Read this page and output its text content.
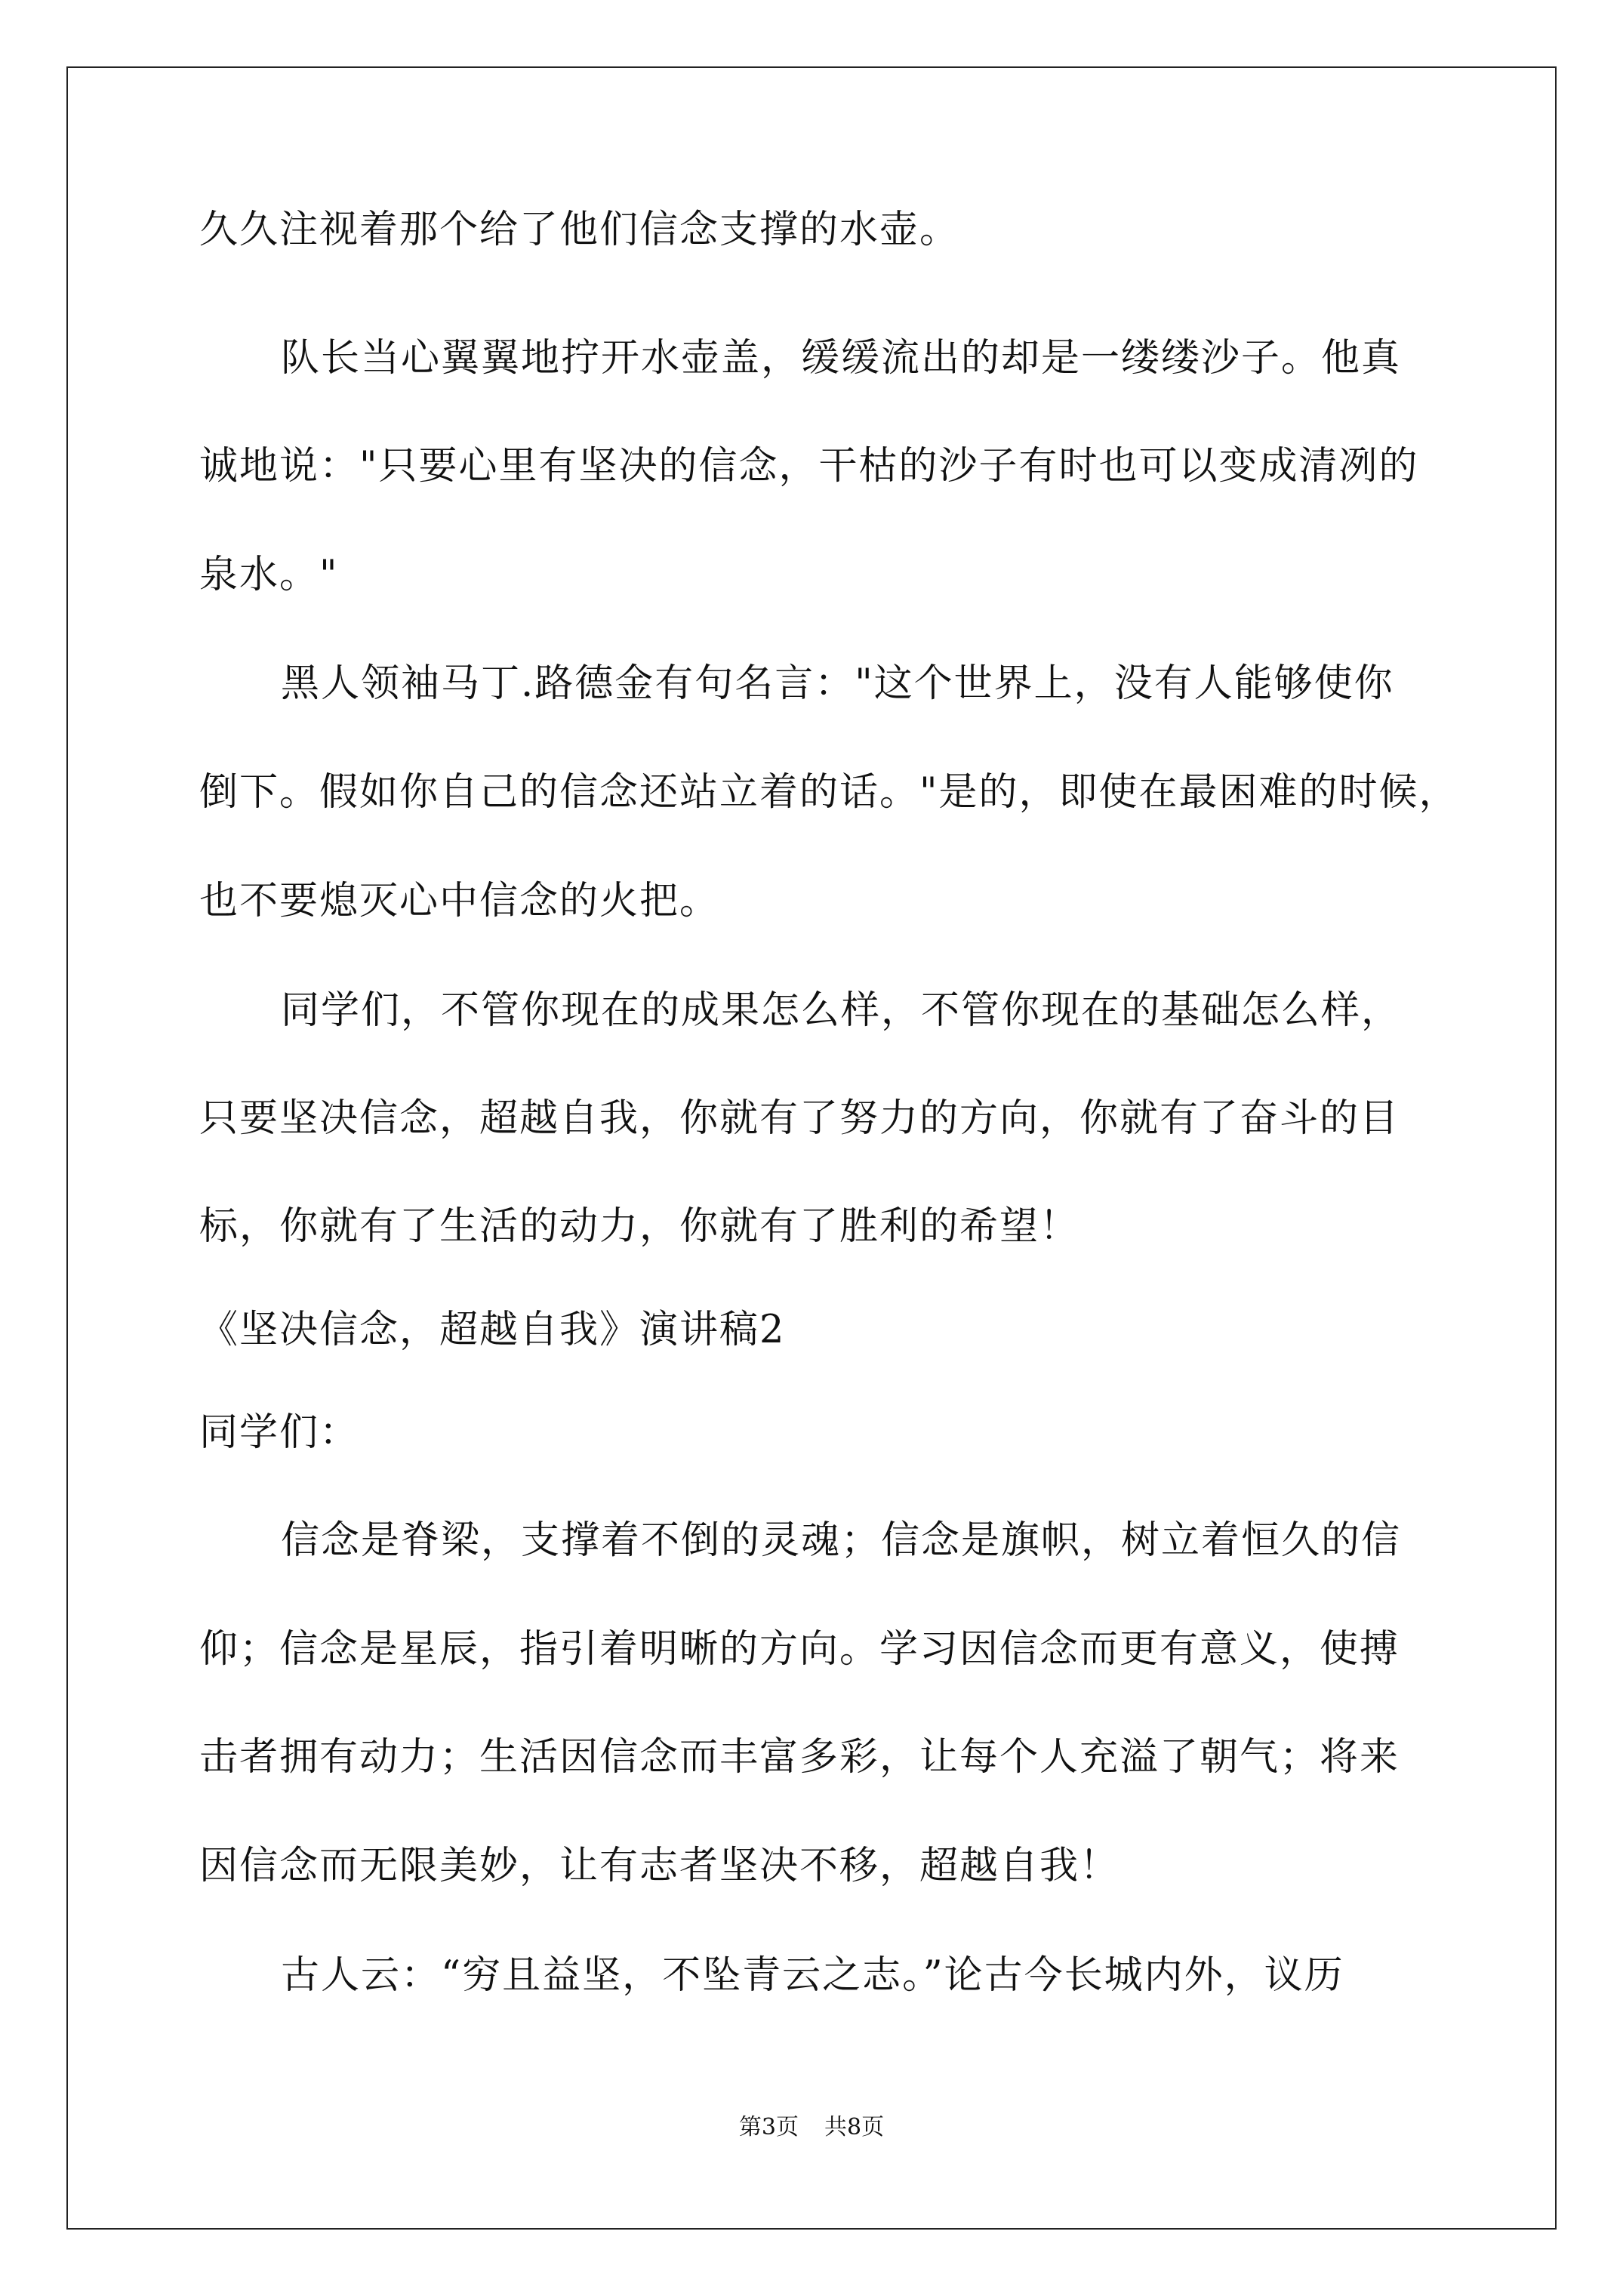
久久注视着那个给了他们信念支撑的水壶。
队长当心翼翼地拧开水壶盖，缓缓流出的却是一缕缕沙子。他真
诚地说："只要心里有坚决的信念，干枯的沙子有时也可以变成清冽的
泉水。"
黑人领袖马丁.路德金有句名言："这个世界上，没有人能够使你
倒下。假如你自己的信念还站立着的话。"是的，即使在最困难的时候，
也不要熄灭心中信念的火把。
同学们，不管你现在的成果怎么样，不管你现在的基础怎么样，
只要坚决信念，超越自我，你就有了努力的方向，你就有了奋斗的目
标，你就有了生活的动力，你就有了胜利的希望！
《坚决信念，超越自我》演讲稿2
同学们：
信念是脊梁，支撑着不倒的灵魂；信念是旗帜，树立着恒久的信
仰；信念是星辰，指引着明晰的方向。学习因信念而更有意义，使搏
击者拥有动力；生活因信念而丰富多彩，让每个人充溢了朝气；将来
因信念而无限美妙，让有志者坚决不移，超越自我！
古人云：“穷且益坚，不坠青云之志。”论古今长城内外，议历
第3页 共8页
